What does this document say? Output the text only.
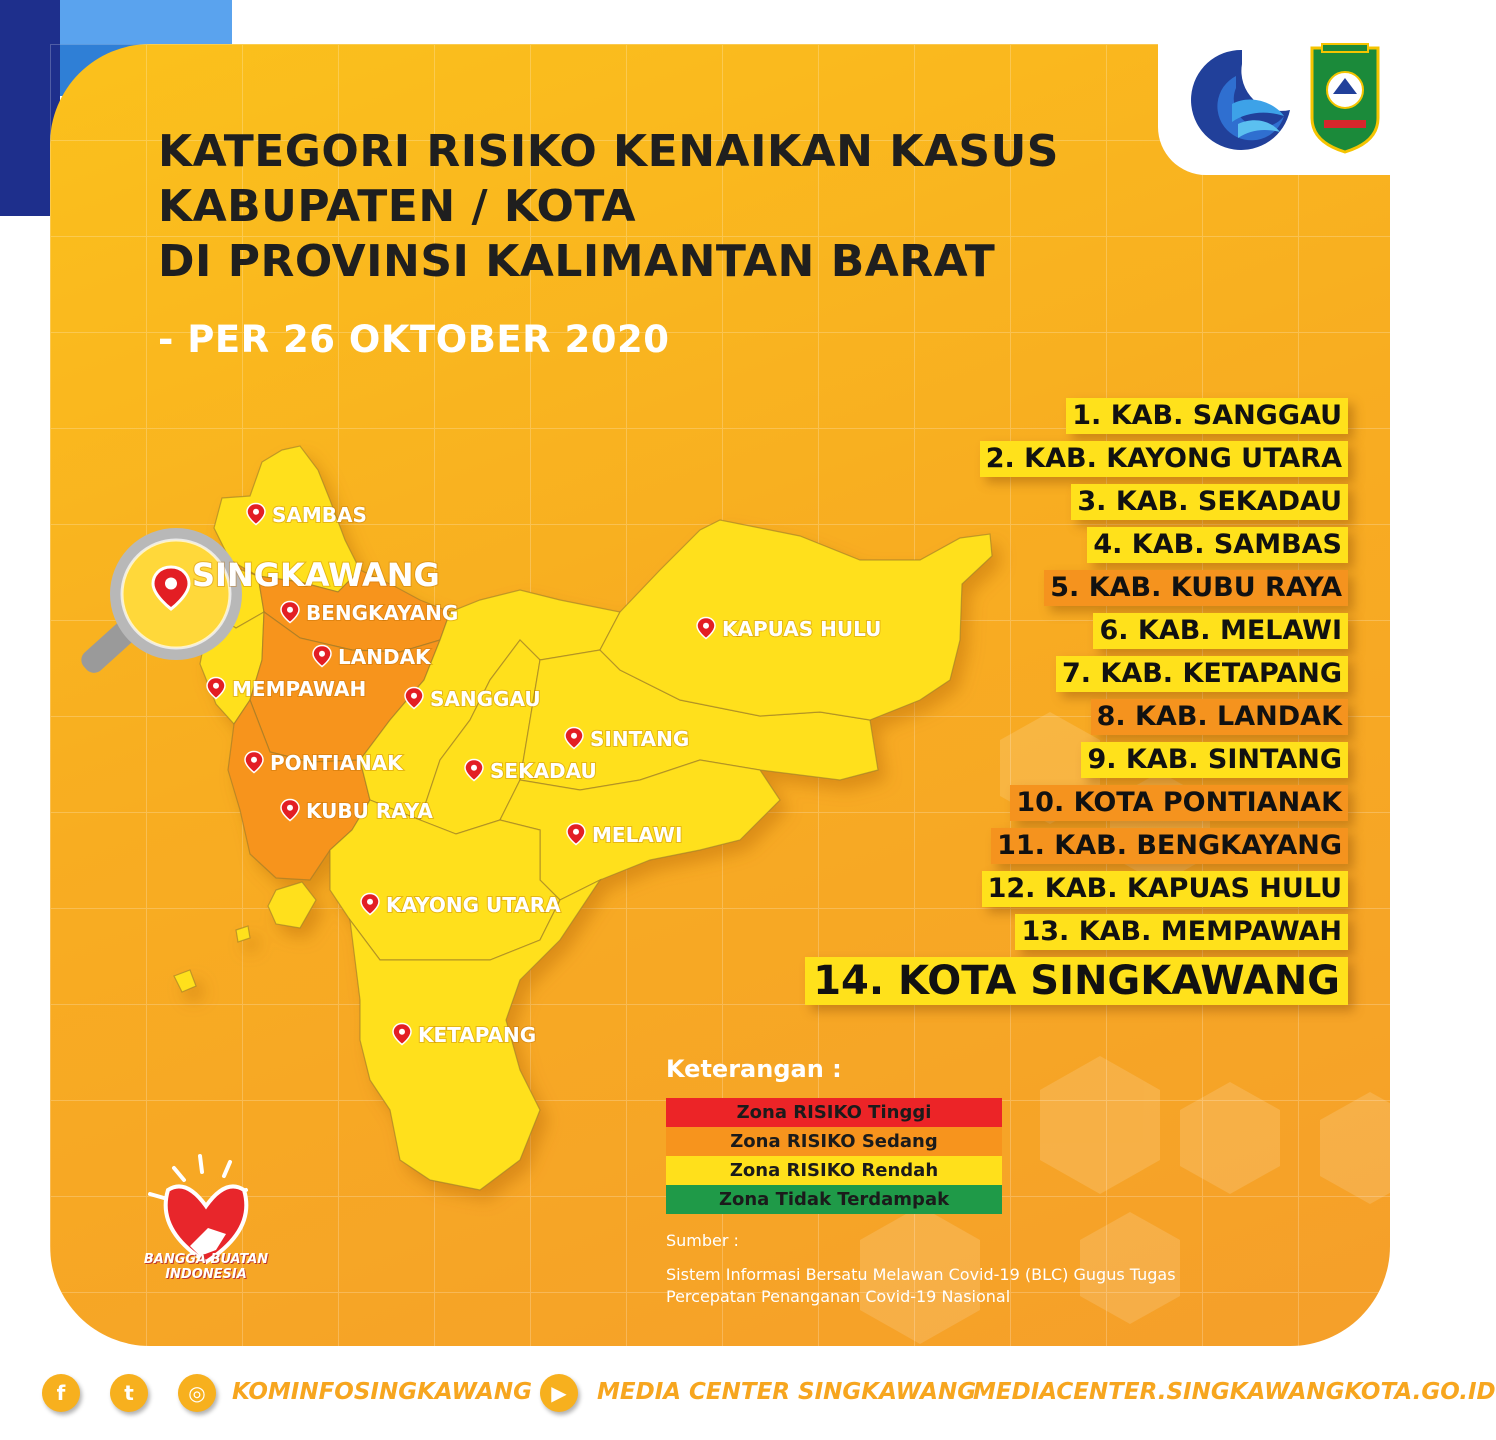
KATEGORI RISIKO KENAIKAN KASUS
KABUPATEN / KOTA
DI PROVINSI KALIMANTAN BARAT
- PER 26 OKTOBER 2020
SAMBAS
BENGKAYANG
LANDAK
MEMPAWAH	SANGGAU
PONTIANAK
KUBU RAYA
SEKADAU
SINTANG
MELAWI
KAPUAS HULU
KAYONG UTARA
KETAPANG
SINGKAWANG
1. KAB. SANGGAU
2. KAB. KAYONG UTARA
3. KAB. SEKADAU
4. KAB. SAMBAS
5. KAB. KUBU RAYA
6. KAB. MELAWI
7. KAB. KETAPANG
8. KAB. LANDAK
9. KAB. SINTANG
10. KOTA PONTIANAK
11. KAB. BENGKAYANG
12. KAB. KAPUAS HULU
13. KAB. MEMPAWAH
14. KOTA SINGKAWANG
Keterangan :
Zona RISIKO Tinggi
Zona RISIKO Sedang
Zona RISIKO Rendah
Zona Tidak Terdampak
Sumber :
Sistem Informasi Bersatu Melawan Covid-19 (BLC) Gugus Tugas
Percepatan Penanganan Covid-19 Nasional
BANGGA BUATAN
INDONESIA
f	t	◎	KOMINFOSINGKAWANG ▶	MEDIA CENTER SINGKAWANG
MEDIACENTER.SINGKAWANGKOTA.GO.ID
